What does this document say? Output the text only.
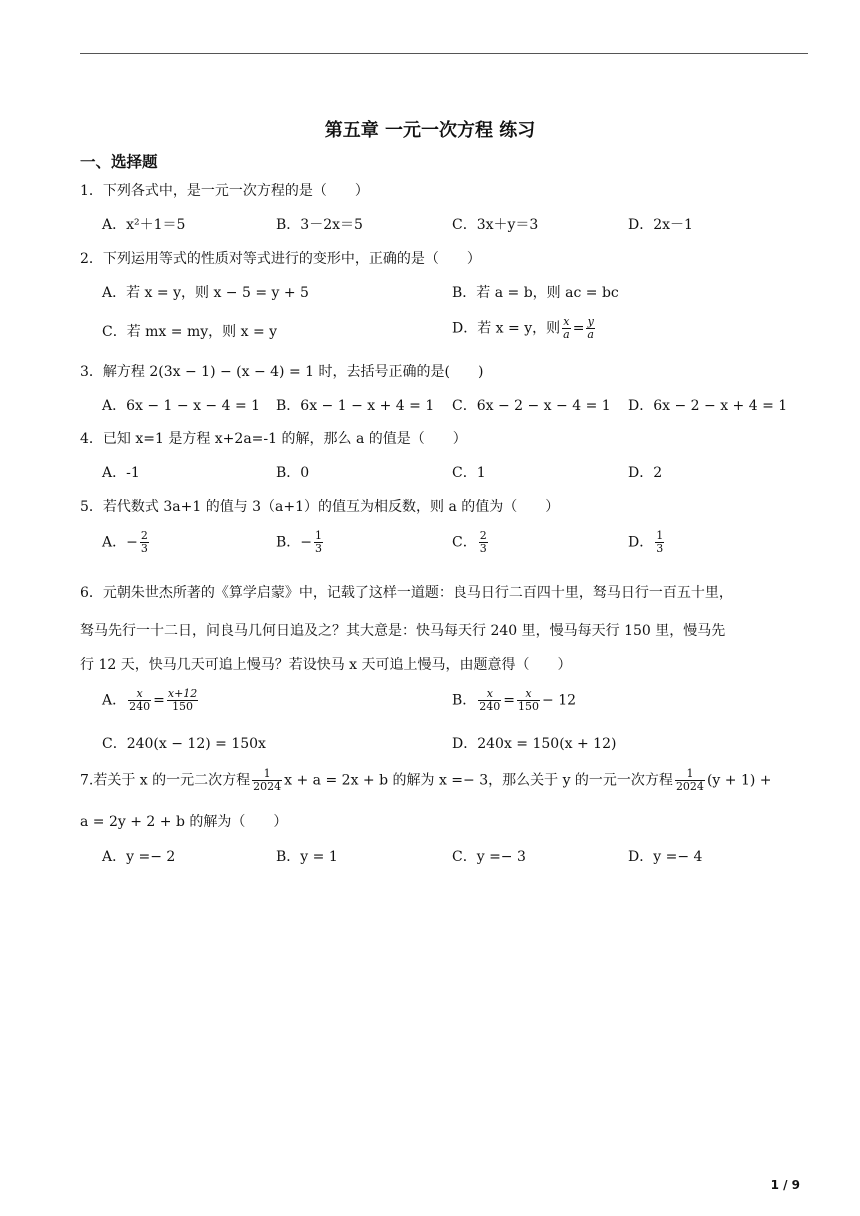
第五章 一元一次方程 练习
一、选择题
1．下列各式中，是一元一次方程的是（　　）
A．x²＋1＝5	B．3－2x＝5	C．3x＋y＝3	D．2x－1
2．下列运用等式的性质对等式进行的变形中，正确的是（　　）
A．若 x = y，则 x − 5 = y + 5	B．若 a = b，则 ac = bc
C．若 mx = my，则 x = y	D．若 x = y，则 $\frac{x}{a} = \frac{y}{a}$
3．解方程 2(3x − 1) − (x − 4) = 1 时，去括号正确的是(　　)
A．6x − 1 − x − 4 = 1 B．6x − 1 − x + 4 = 1 C．6x − 2 − x − 4 = 1 D．6x − 2 − x + 4 = 1
4．已知 x=1 是方程 x+2a=-1 的解，那么 a 的值是（　　）
A．-1	B．0	C．1	D．2
5．若代数式 3a+1 的值与 3（a+1）的值互为相反数，则 a 的值为（　　）
A．− $\frac{2}{3}$	B．− $\frac{1}{3}$	C． $\frac{2}{3}$	D． $\frac{1}{3}$
6．元朝朱世杰所著的《算学启蒙》中，记载了这样一道题：良马日行二百四十里，驽马日行一百五十里，
驽马先行一十二日，问良马几何日追及之？其大意是：快马每天行 240 里，慢马每天行 150 里，慢马先
行 12 天，快马几天可追上慢马？若设快马 x 天可追上慢马，由题意得（　　）
A． $\frac{x}{240} = \frac{x+12}{150}$	B． $\frac{x}{240} = \frac{x}{150} - 12$
C．240(x − 12) = 150x	D．240x = 150(x + 12)
7.若关于 x 的一元二次方程 $\frac{1}{2024}$ x + a = 2x + b 的解为 x =− 3，那么关于 y 的一元一次方程 $\frac{1}{2024} (y + 1)$ +
a = 2y + 2 + b 的解为（　　）
A．y =− 2	B．y = 1	C．y =− 3	D．y =− 4
1 / 9
